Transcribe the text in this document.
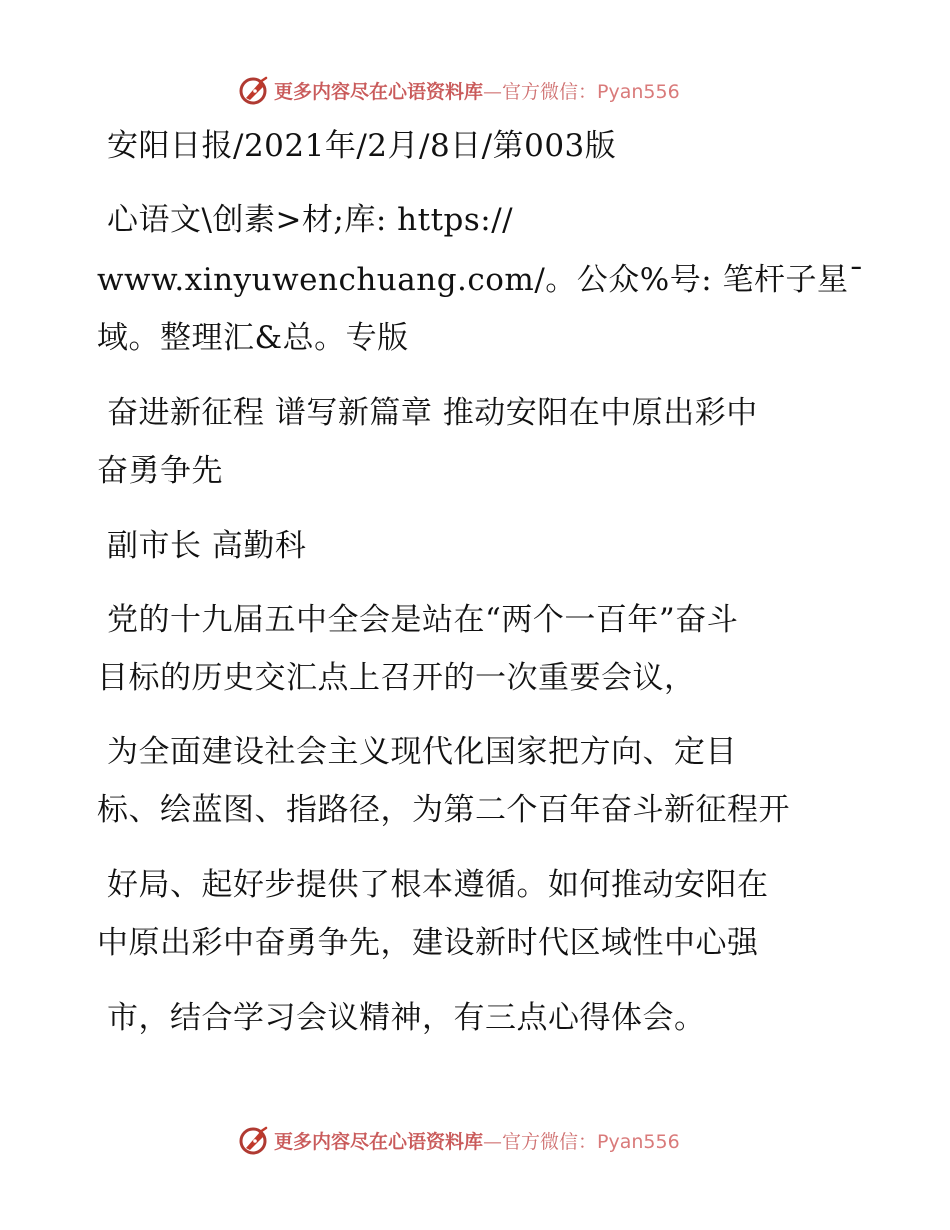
更多内容尽在心语资料库—官方微信：Pyan556
安阳日报/2021年/2月/8日/第003版
心语文\创素>材;库: https://
www.xinyuwenchuang.com/。公众%号: 笔杆子星¯
域。整理汇&总。专版
奋进新征程 谱写新篇章 推动安阳在中原出彩中
奋勇争先
副市长 高勤科
党的十九届五中全会是站在“两个一百年”奋斗
目标的历史交汇点上召开的一次重要会议，
为全面建设社会主义现代化国家把方向、定目
标、绘蓝图、指路径，为第二个百年奋斗新征程开
好局、起好步提供了根本遵循。如何推动安阳在
中原出彩中奋勇争先，建设新时代区域性中心强
市，结合学习会议精神，有三点心得体会。
更多内容尽在心语资料库—官方微信：Pyan556
